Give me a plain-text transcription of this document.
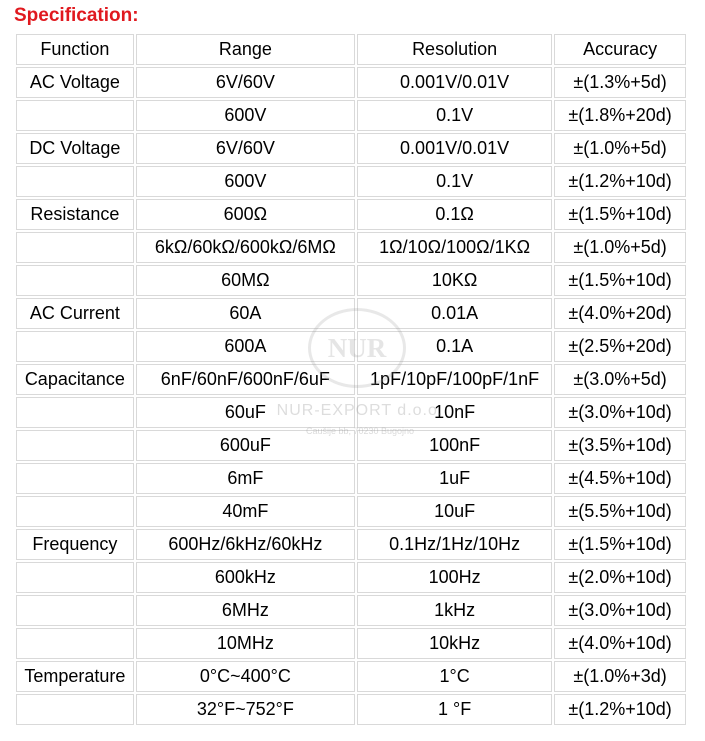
Specification:
Function	Range	Resolution	Accuracy
AC Voltage	6V/60V	0.001V/0.01V	±(1.3%+5d)
	600V	0.1V	±(1.8%+20d)
DC Voltage	6V/60V	0.001V/0.01V	±(1.0%+5d)
	600V	0.1V	±(1.2%+10d)
Resistance	600Ω	0.1Ω	±(1.5%+10d)
	6kΩ/60kΩ/600kΩ/6MΩ	1Ω/10Ω/100Ω/1KΩ	±(1.0%+5d)
	60MΩ	10KΩ	±(1.5%+10d)
AC Current	60A	0.01A	±(4.0%+20d)
	600A	0.1A	±(2.5%+20d)
Capacitance	6nF/60nF/600nF/6uF	1pF/10pF/100pF/1nF	±(3.0%+5d)
	60uF	10nF	±(3.0%+10d)
	600uF	100nF	±(3.5%+10d)
	6mF	1uF	±(4.5%+10d)
	40mF	10uF	±(5.5%+10d)
Frequency	600Hz/6kHz/60kHz	0.1Hz/1Hz/10Hz	±(1.5%+10d)
	600kHz	100Hz	±(2.0%+10d)
	6MHz	1kHz	±(3.0%+10d)
	10MHz	10kHz	±(4.0%+10d)
Temperature	0°C~400°C	1°C	±(1.0%+3d)
	32°F~752°F	1 °F	±(1.2%+10d)
NUR
NUR-EXPORT d.o.o.
Caušije bb, 70230 Bugojno
